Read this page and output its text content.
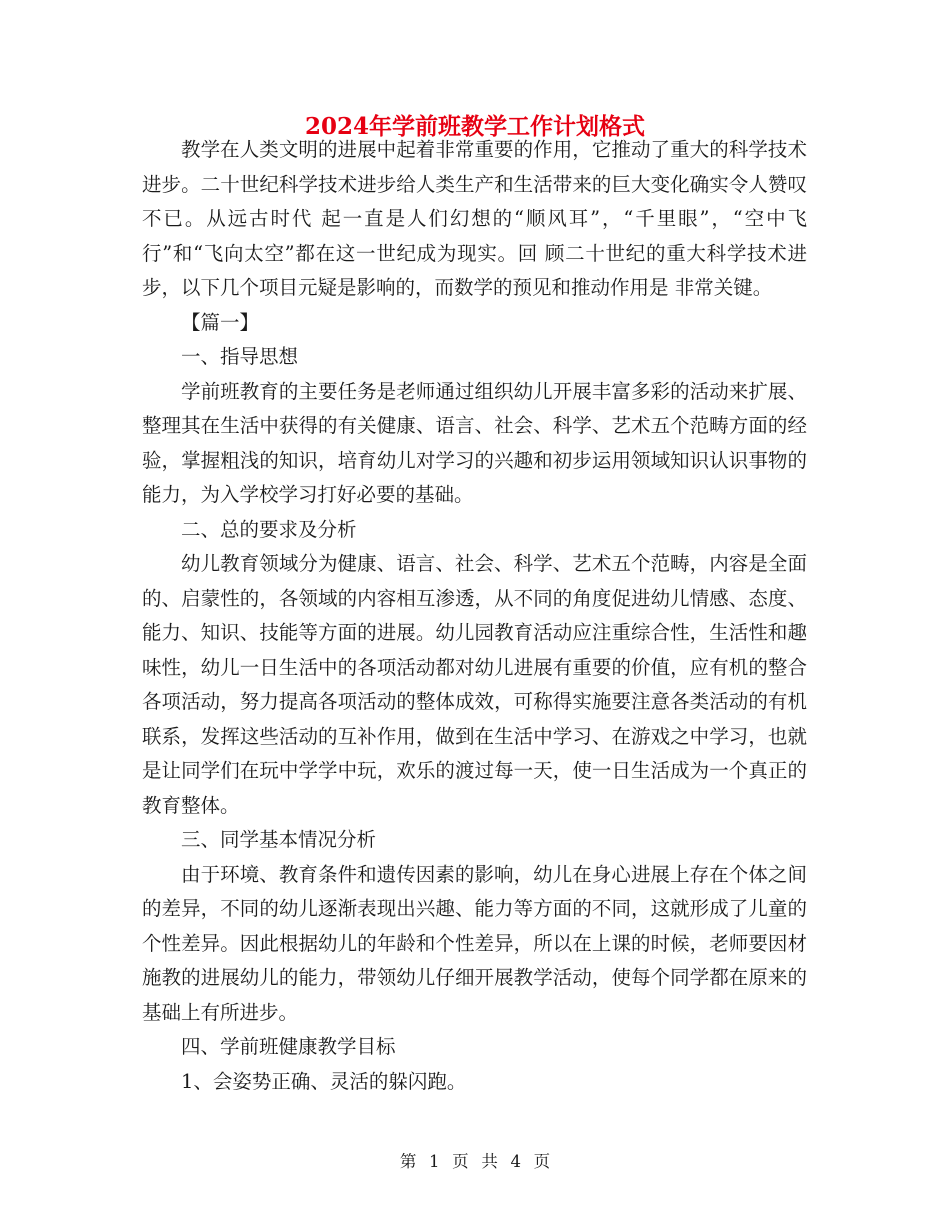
2024年学前班教学工作计划格式

教学在人类文明的进展中起着非常重要的作用，它推动了重大的科学技术进步。二十世纪科学技术进步给人类生产和生活带来的巨大变化确实令人赞叹不已。从远古时代 起一直是人们幻想的“顺风耳”，“千里眼”，“空中飞行”和“飞向太空”都在这一世纪成为现实。回 顾二十世纪的重大科学技术进步，以下几个项目元疑是影响的，而数学的预见和推动作用是 非常关键。

【篇一】

一、指导思想

学前班教育的主要任务是老师通过组织幼儿开展丰富多彩的活动来扩展、整理其在生活中获得的有关健康、语言、社会、科学、艺术五个范畴方面的经验，掌握粗浅的知识，培育幼儿对学习的兴趣和初步运用领域知识认识事物的能力，为入学校学习打好必要的基础。

二、总的要求及分析

幼儿教育领域分为健康、语言、社会、科学、艺术五个范畴，内容是全面的、启蒙性的，各领域的内容相互渗透，从不同的角度促进幼儿情感、态度、能力、知识、技能等方面的进展。幼儿园教育活动应注重综合性，生活性和趣味性，幼儿一日生活中的各项活动都对幼儿进展有重要的价值，应有机的整合各项活动，努力提高各项活动的整体成效，可称得实施要注意各类活动的有机联系，发挥这些活动的互补作用，做到在生活中学习、在游戏之中学习，也就是让同学们在玩中学学中玩，欢乐的渡过每一天，使一日生活成为一个真正的教育整体。

三、同学基本情况分析

由于环境、教育条件和遗传因素的影响，幼儿在身心进展上存在个体之间的差异，不同的幼儿逐渐表现出兴趣、能力等方面的不同，这就形成了儿童的个性差异。因此根据幼儿的年龄和个性差异，所以在上课的时候，老师要因材施教的进展幼儿的能力，带领幼儿仔细开展教学活动，使每个同学都在原来的基础上有所进步。

四、学前班健康教学目标

1、会姿势正确、灵活的躲闪跑。

第 1 页 共 4 页
